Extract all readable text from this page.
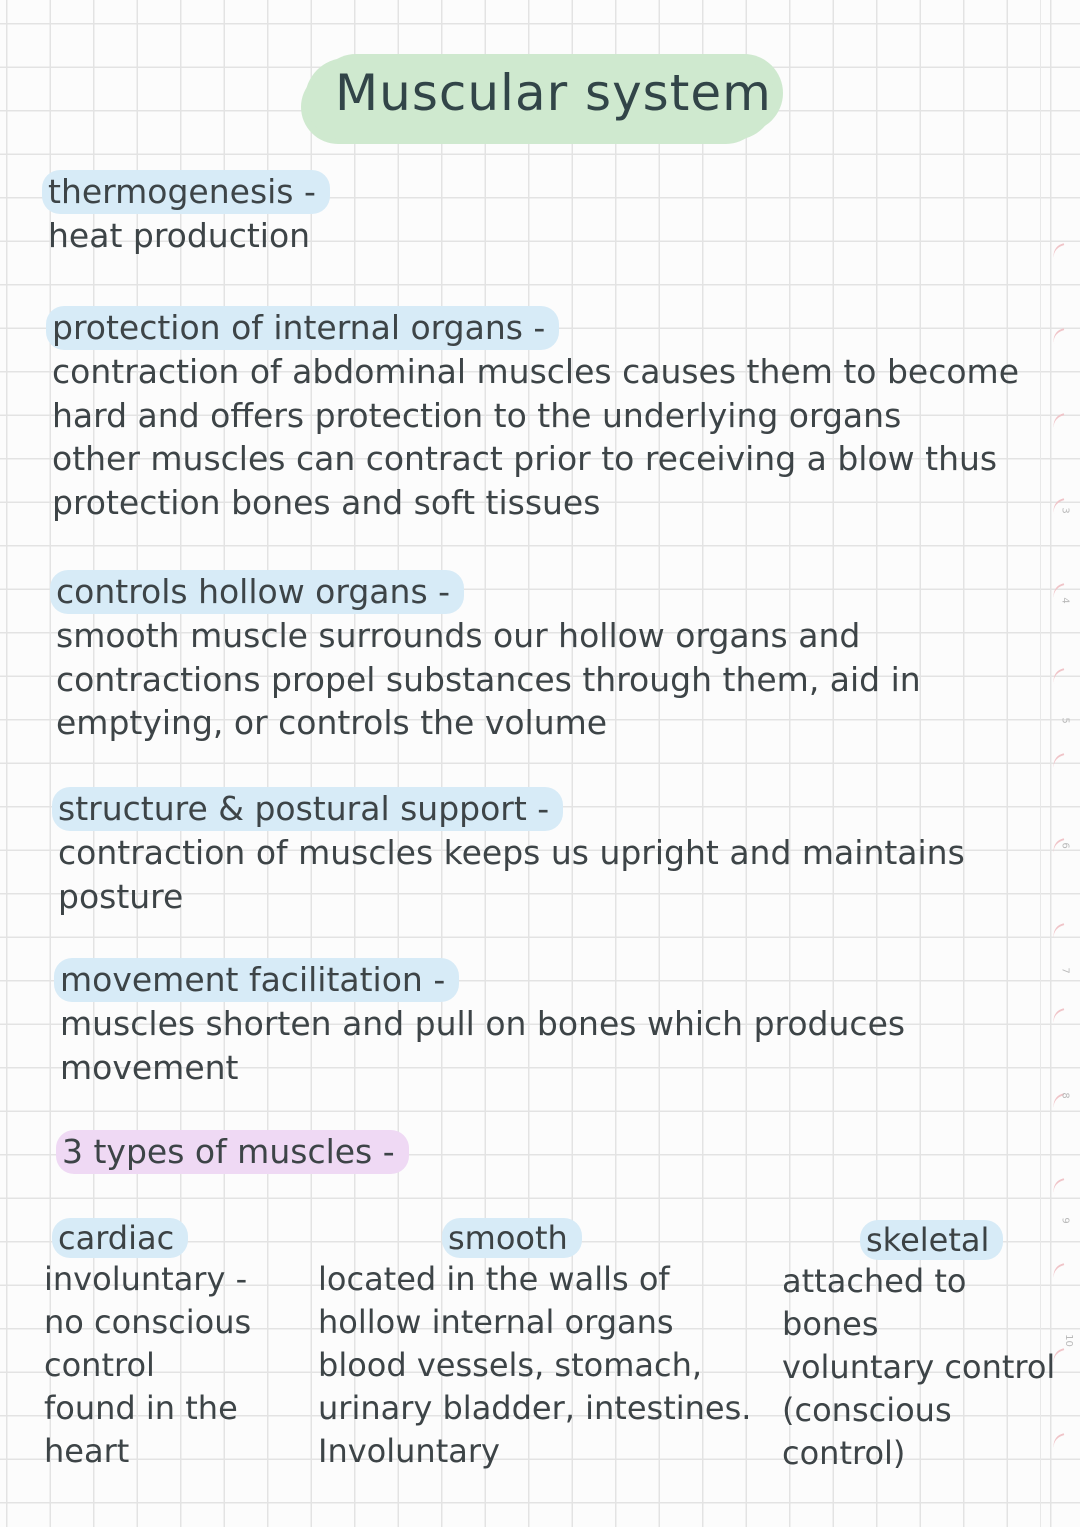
Muscular system
thermogenesis -
heat production
protection of internal organs -
contraction of abdominal muscles causes them to become
hard and offers protection to the underlying organs
other muscles can contract prior to receiving a blow thus
protection bones and soft tissues
controls hollow organs -
smooth muscle surrounds our hollow organs and
contractions propel substances through them, aid in
emptying, or controls the volume
structure & postural support -
contraction of muscles keeps us upright and maintains
posture
movement facilitation -
muscles shorten and pull on bones which produces
movement
3 types of muscles -
cardiac
involuntary -
no conscious
control
found in the
heart
smooth
located in the walls of
hollow internal organs
blood vessels, stomach,
urinary bladder, intestines.
Involuntary
skeletal
attached to
bones
voluntary control
(conscious
control)
3
4
5
6
7
8
9
10
